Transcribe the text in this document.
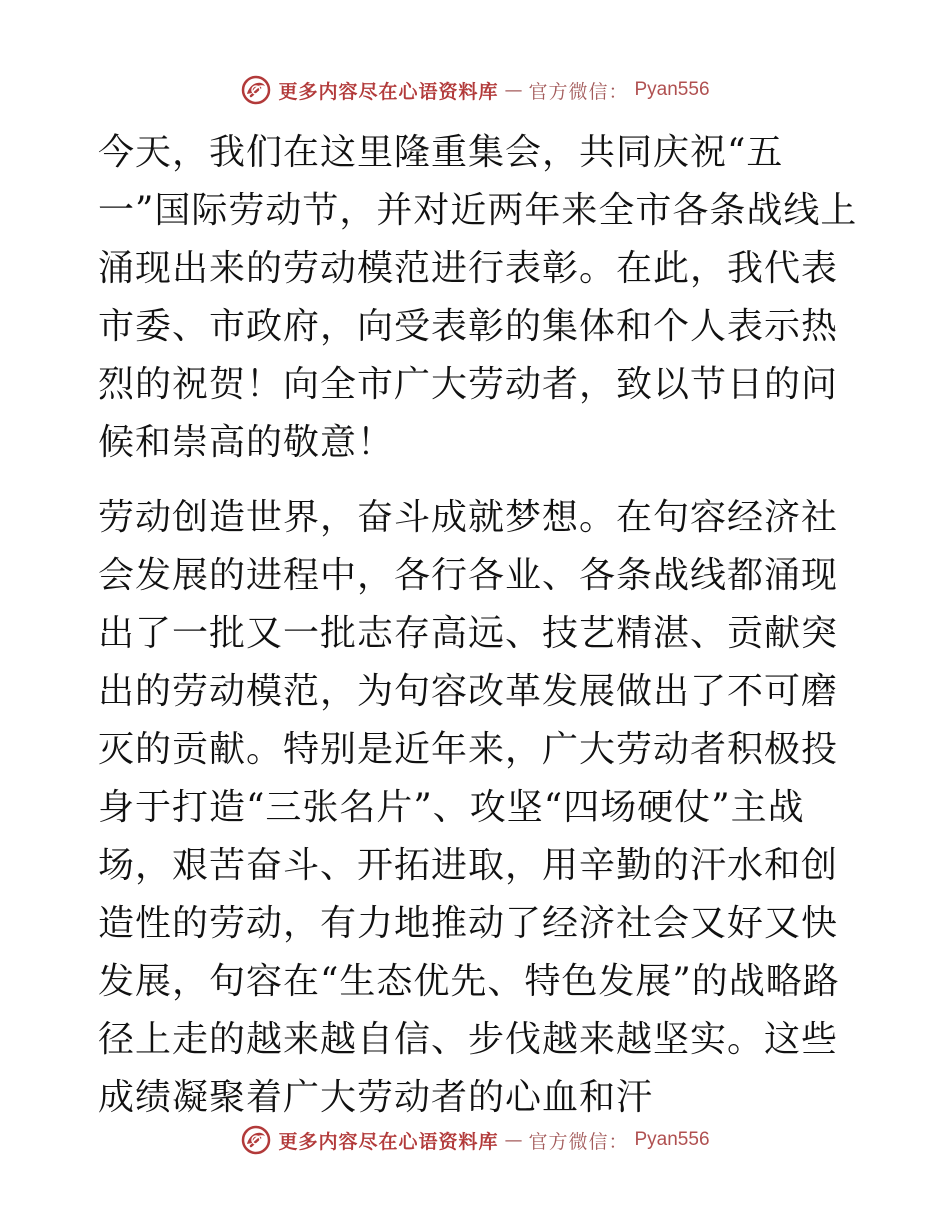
更多内容尽在心语资料库 — 官方微信： Pyan556

今天，我们在这里隆重集会，共同庆祝“五一”国际劳动节，并对近两年来全市各条战线上涌现出来的劳动模范进行表彰。在此，我代表市委、市政府，向受表彰的集体和个人表示热烈的祝贺！向全市广大劳动者，致以节日的问候和崇高的敬意！

劳动创造世界，奋斗成就梦想。在句容经济社会发展的进程中，各行各业、各条战线都涌现出了一批又一批志存高远、技艺精湛、贡献突出的劳动模范，为句容改革发展做出了不可磨灭的贡献。特别是近年来，广大劳动者积极投身于打造“三张名片”、攻坚“四场硬仗”主战场，艰苦奋斗、开拓进取，用辛勤的汗水和创造性的劳动，有力地推动了经济社会又好又快发展，句容在“生态优先、特色发展”的战略路径上走的越来越自信、步伐越来越坚实。这些成绩凝聚着广大劳动者的心血和汗

更多内容尽在心语资料库 — 官方微信： Pyan556
